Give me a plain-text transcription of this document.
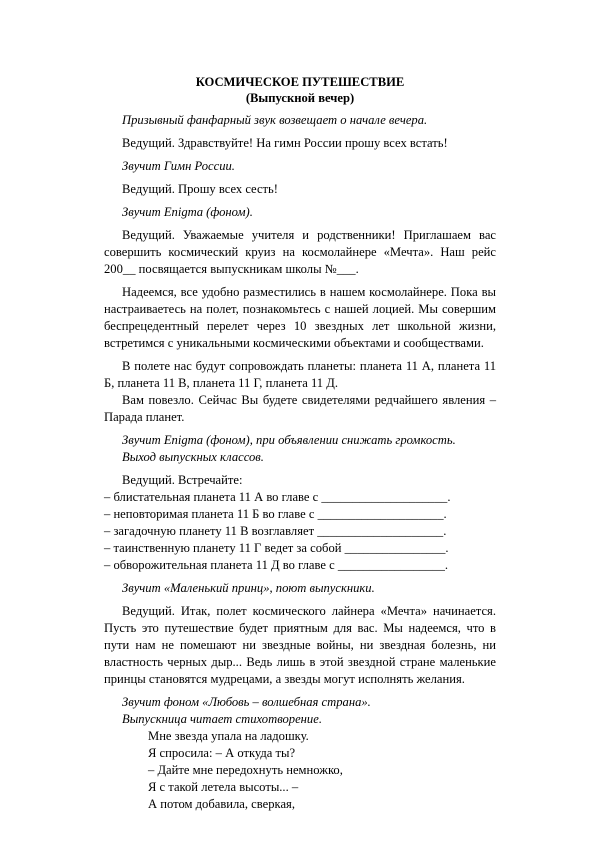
КОСМИЧЕСКОЕ ПУТЕШЕСТВИЕ

(Выпускной вечер)

Призывный фанфарный звук возвещает о начале вечера.

Ведущий. Здравствуйте! На гимн России прошу всех встать!

Звучит Гимн России.

Ведущий. Прошу всех сесть!

Звучит Enigma (фоном).

Ведущий. Уважаемые учителя и родственники! Приглашаем вас совершить космический круиз на космолайнере «Мечта». Наш рейс 200__ посвящается выпускникам школы №___.

Надеемся, все удобно разместились в нашем космолайнере. Пока вы настраиваетесь на полет, познакомьтесь с нашей лоцией. Мы совершим беспрецедентный перелет через 10 звездных лет школьной жизни, встретимся с уникальными космическими объектами и сообществами.

В полете нас будут сопровождать планеты: планета 11 А, планета 11 Б, планета 11 В, планета 11 Г, планета 11 Д.

Вам повезло. Сейчас Вы будете свидетелями редчайшего явления – Парада планет.

Звучит Enigma (фоном), при объявлении снижать громкость.

Выход выпускных классов.

Ведущий. Встречайте:

– блистательная планета 11 А во главе с ____________________.

– неповторимая планета 11 Б во главе с ____________________.

– загадочную планету 11 В возглавляет ____________________.

– таинственную планету 11 Г ведет за собой ________________.

– обворожительная планета 11 Д во главе с _________________.

Звучит «Маленький принц», поют выпускники.

Ведущий. Итак, полет космического лайнера «Мечта» начинается. Пусть это путешествие будет приятным для вас. Мы надеемся, что в пути нам не помешают ни звездные войны, ни звездная болезнь, ни властность черных дыр... Ведь лишь в этой звездной стране маленькие принцы становятся мудрецами, а звезды могут исполнять желания.

Звучит фоном «Любовь – волшебная страна».

Выпускница читает стихотворение.

Мне звезда упала на ладошку.

Я спросила: – А откуда ты?

– Дайте мне передохнуть немножко,

Я с такой летела высоты... –

А потом добавила, сверкая,
